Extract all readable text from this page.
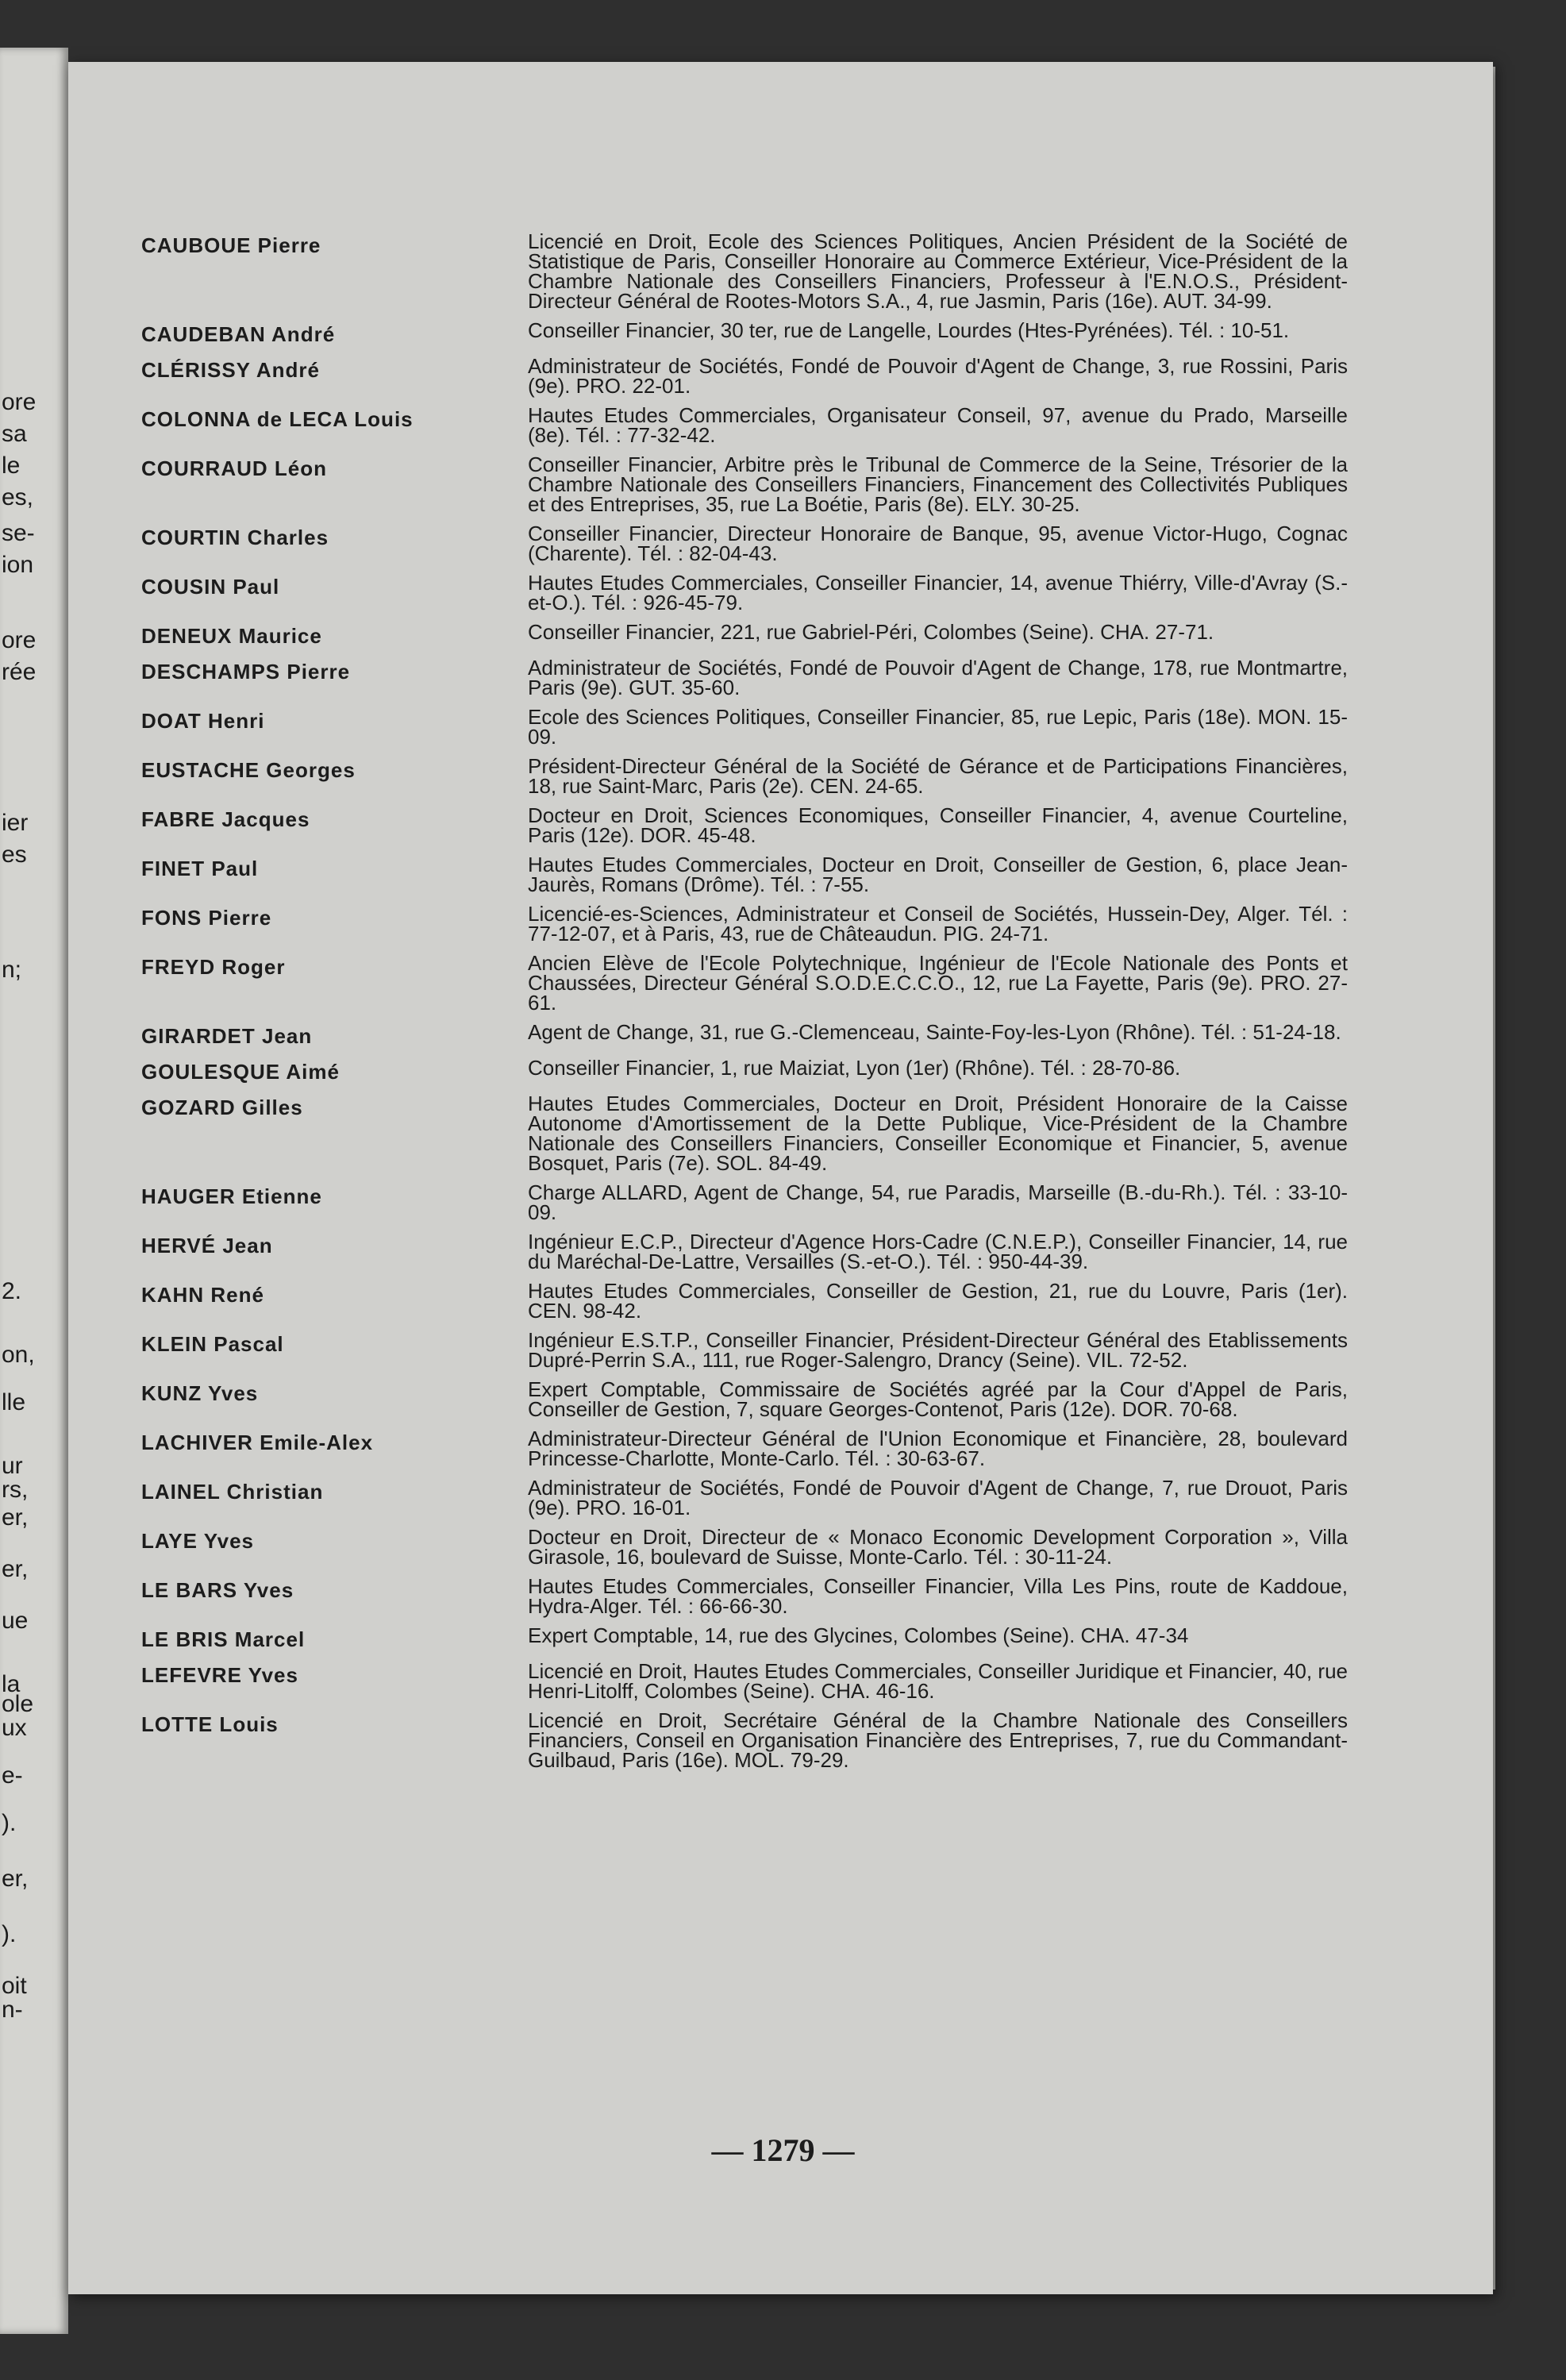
ore
sa
le
es,
se-
ion
ore
rée
ier
es
n;
2.
on,
lle
ur
rs,
er,
er,
ue
la
ole
ux
e-
).
er,
).
oit
n-
CAUBOUE Pierre	Licencié en Droit, Ecole des Sciences Politiques, Ancien Président de la Société de Statistique de Paris, Conseiller Honoraire au Commerce Extérieur, Vice-Président de la Chambre Nationale des Conseillers Financiers, Professeur à l'E.N.O.S., Président-Directeur Général de Rootes-Motors S.A., 4, rue Jasmin, Paris (16e). AUT. 34-99.
CAUDEBAN André	Conseiller Financier, 30 ter, rue de Langelle, Lourdes (Htes-Pyrénées). Tél. : 10-51.
CLÉRISSY André	Administrateur de Sociétés, Fondé de Pouvoir d'Agent de Change, 3, rue Rossini, Paris (9e). PRO. 22-01.
COLONNA de LECA Louis	Hautes Etudes Commerciales, Organisateur Conseil, 97, avenue du Prado, Marseille (8e). Tél. : 77-32-42.
COURRAUD Léon	Conseiller Financier, Arbitre près le Tribunal de Commerce de la Seine, Trésorier de la Chambre Nationale des Conseillers Financiers, Financement des Collectivités Publiques et des Entreprises, 35, rue La Boétie, Paris (8e). ELY. 30-25.
COURTIN Charles	Conseiller Financier, Directeur Honoraire de Banque, 95, avenue Victor-Hugo, Cognac (Charente). Tél. : 82-04-43.
COUSIN Paul	Hautes Etudes Commerciales, Conseiller Financier, 14, avenue Thiérry, Ville-d'Avray (S.-et-O.). Tél. : 926-45-79.
DENEUX Maurice	Conseiller Financier, 221, rue Gabriel-Péri, Colombes (Seine). CHA. 27-71.
DESCHAMPS Pierre	Administrateur de Sociétés, Fondé de Pouvoir d'Agent de Change, 178, rue Montmartre, Paris (9e). GUT. 35-60.
DOAT Henri	Ecole des Sciences Politiques, Conseiller Financier, 85, rue Lepic, Paris (18e). MON. 15-09.
EUSTACHE Georges	Président-Directeur Général de la Société de Gérance et de Participations Financières, 18, rue Saint-Marc, Paris (2e). CEN. 24-65.
FABRE Jacques	Docteur en Droit, Sciences Economiques, Conseiller Financier, 4, avenue Courteline, Paris (12e). DOR. 45-48.
FINET Paul	Hautes Etudes Commerciales, Docteur en Droit, Conseiller de Gestion, 6, place Jean-Jaurès, Romans (Drôme). Tél. : 7-55.
FONS Pierre	Licencié-es-Sciences, Administrateur et Conseil de Sociétés, Hussein-Dey, Alger. Tél. : 77-12-07, et à Paris, 43, rue de Châteaudun. PIG. 24-71.
FREYD Roger	Ancien Elève de l'Ecole Polytechnique, Ingénieur de l'Ecole Nationale des Ponts et Chaussées, Directeur Général S.O.D.E.C.C.O., 12, rue La Fayette, Paris (9e). PRO. 27-61.
GIRARDET Jean	Agent de Change, 31, rue G.-Clemenceau, Sainte-Foy-les-Lyon (Rhône). Tél. : 51-24-18.
GOULESQUE Aimé	Conseiller Financier, 1, rue Maiziat, Lyon (1er) (Rhône). Tél. : 28-70-86.
GOZARD Gilles	Hautes Etudes Commerciales, Docteur en Droit, Président Honoraire de la Caisse Autonome d'Amortissement de la Dette Publique, Vice-Président de la Chambre Nationale des Conseillers Financiers, Conseiller Economique et Financier, 5, avenue Bosquet, Paris (7e). SOL. 84-49.
HAUGER Etienne	Charge ALLARD, Agent de Change, 54, rue Paradis, Marseille (B.-du-Rh.). Tél. : 33-10-09.
HERVÉ Jean	Ingénieur E.C.P., Directeur d'Agence Hors-Cadre (C.N.E.P.), Conseiller Financier, 14, rue du Maréchal-De-Lattre, Versailles (S.-et-O.). Tél. : 950-44-39.
KAHN René	Hautes Etudes Commerciales, Conseiller de Gestion, 21, rue du Louvre, Paris (1er). CEN. 98-42.
KLEIN Pascal	Ingénieur E.S.T.P., Conseiller Financier, Président-Directeur Général des Etablissements Dupré-Perrin S.A., 111, rue Roger-Salengro, Drancy (Seine). VIL. 72-52.
KUNZ Yves	Expert Comptable, Commissaire de Sociétés agréé par la Cour d'Appel de Paris, Conseiller de Gestion, 7, square Georges-Contenot, Paris (12e). DOR. 70-68.
LACHIVER Emile-Alex	Administrateur-Directeur Général de l'Union Economique et Financière, 28, boulevard Princesse-Charlotte, Monte-Carlo. Tél. : 30-63-67.
LAINEL Christian	Administrateur de Sociétés, Fondé de Pouvoir d'Agent de Change, 7, rue Drouot, Paris (9e). PRO. 16-01.
LAYE Yves	Docteur en Droit, Directeur de « Monaco Economic Development Corporation », Villa Girasole, 16, boulevard de Suisse, Monte-Carlo. Tél. : 30-11-24.
LE BARS Yves	Hautes Etudes Commerciales, Conseiller Financier, Villa Les Pins, route de Kaddoue, Hydra-Alger. Tél. : 66-66-30.
LE BRIS Marcel	Expert Comptable, 14, rue des Glycines, Colombes (Seine). CHA. 47-34
LEFEVRE Yves	Licencié en Droit, Hautes Etudes Commerciales, Conseiller Juridique et Financier, 40, rue Henri-Litolff, Colombes (Seine). CHA. 46-16.
LOTTE Louis	Licencié en Droit, Secrétaire Général de la Chambre Nationale des Conseillers Financiers, Conseil en Organisation Financière des Entreprises, 7, rue du Commandant-Guilbaud, Paris (16e). MOL. 79-29.
— 1279 —
